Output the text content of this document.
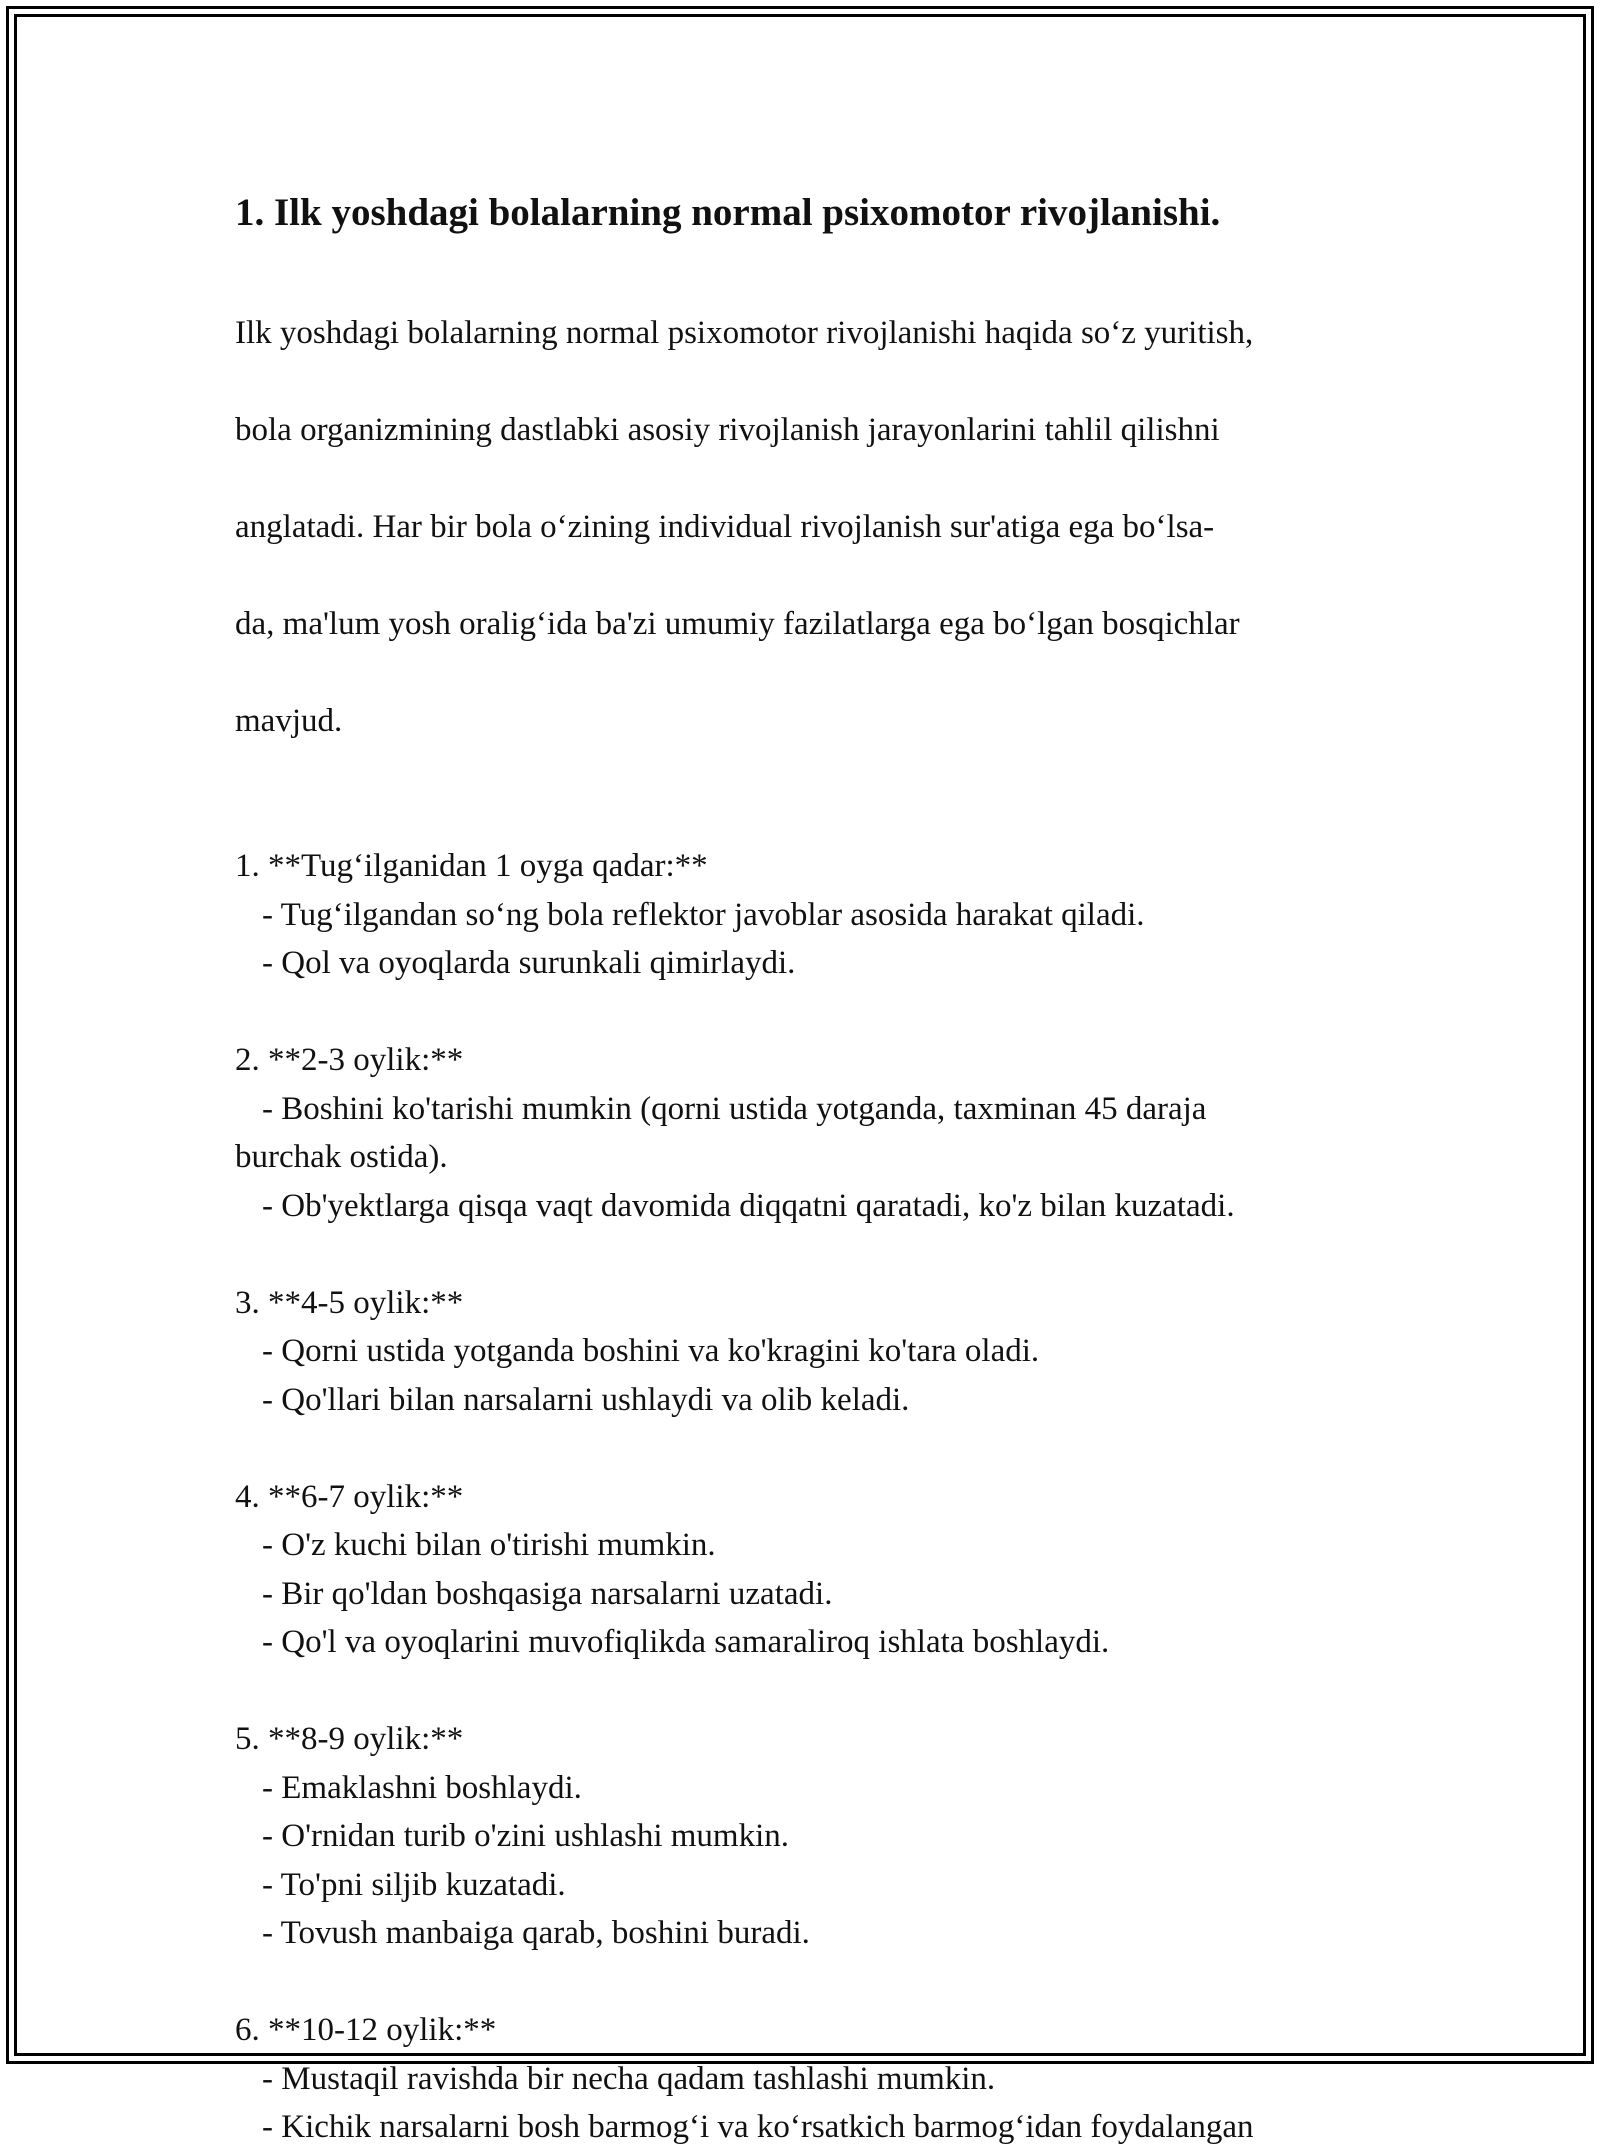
1. Ilk yoshdagi bolalarning normal psixomotor rivojlanishi.

Ilk yoshdagi bolalarning normal psixomotor rivojlanishi haqida so‘z yuritish,

bola organizmining dastlabki asosiy rivojlanish jarayonlarini tahlil qilishni

anglatadi. Har bir bola o‘zining individual rivojlanish sur'atiga ega bo‘lsa-

da, ma'lum yosh oralig‘ida ba'zi umumiy fazilatlarga ega bo‘lgan bosqichlar

mavjud.

1. **Tug‘ilganidan 1 oyga qadar:**
- Tug‘ilgandan so‘ng bola reflektor javoblar asosida harakat qiladi.
- Qol va oyoqlarda surunkali qimirlaydi.
2. **2-3 oylik:**
- Boshini ko'tarishi mumkin (qorni ustida yotganda, taxminan 45 daraja
burchak ostida).
- Ob'yektlarga qisqa vaqt davomida diqqatni qaratadi, ko'z bilan kuzatadi.
3. **4-5 oylik:**
- Qorni ustida yotganda boshini va ko'kragini ko'tara oladi.
- Qo'llari bilan narsalarni ushlaydi va olib keladi.
4. **6-7 oylik:**
- O'z kuchi bilan o'tirishi mumkin.
- Bir qo'ldan boshqasiga narsalarni uzatadi.
- Qo'l va oyoqlarini muvofiqlikda samaraliroq ishlata boshlaydi.
5. **8-9 oylik:**
- Emaklashni boshlaydi.
- O'rnidan turib o'zini ushlashi mumkin.
- To'pni siljib kuzatadi.
- Tovush manbaiga qarab, boshini buradi.
6. **10-12 oylik:**
- Mustaqil ravishda bir necha qadam tashlashi mumkin.
- Kichik narsalarni bosh barmog‘i va ko‘rsatkich barmog‘idan foydalangan
